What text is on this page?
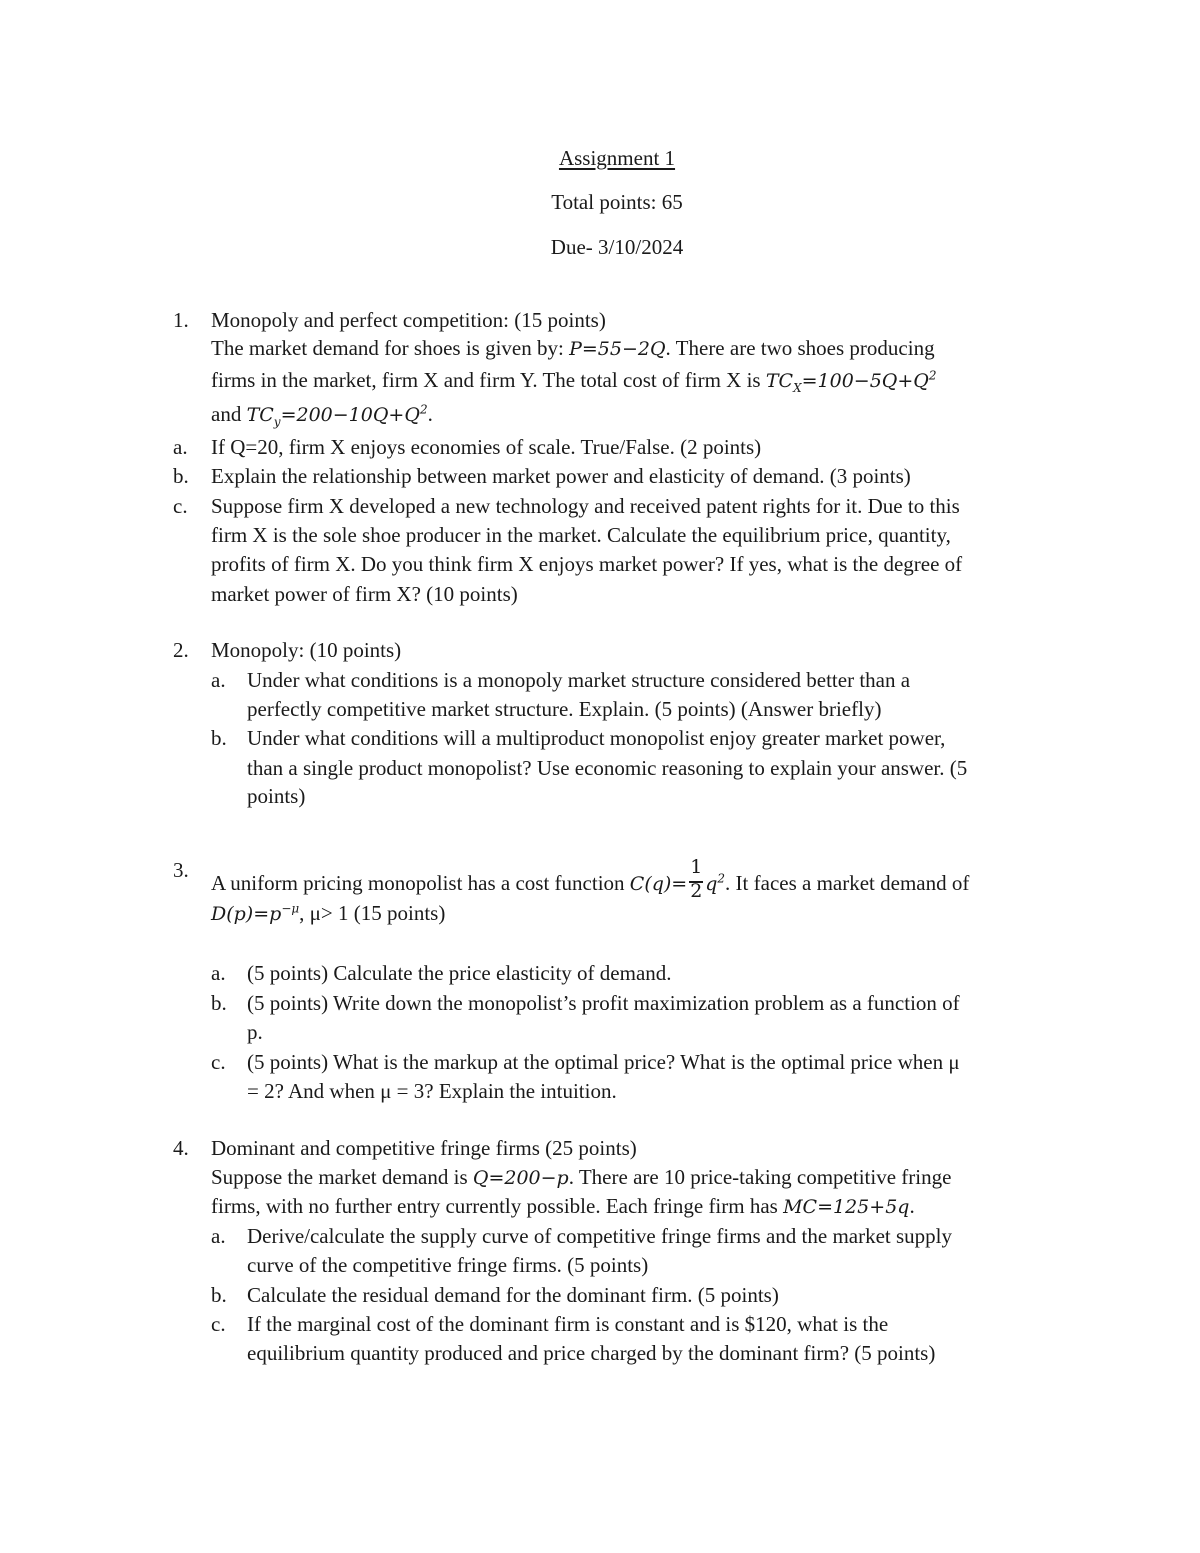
Assignment 1
Total points: 65
Due- 3/10/2024
1. Monopoly and perfect competition: (15 points)
The market demand for shoes is given by: P=55−2Q. There are two shoes producing
firms in the market, firm X and firm Y. The total cost of firm X is $TC_X=100-5Q+Q^2$
and $TC_y=200-10Q+Q^2$.
a. If Q=20, firm X enjoys economies of scale. True/False. (2 points)
b. Explain the relationship between market power and elasticity of demand. (3 points)
c. Suppose firm X developed a new technology and received patent rights for it. Due to this
firm X is the sole shoe producer in the market. Calculate the equilibrium price, quantity,
profits of firm X. Do you think firm X enjoys market power? If yes, what is the degree of
market power of firm X? (10 points)
2. Monopoly: (10 points)
a. Under what conditions is a monopoly market structure considered better than a
perfectly competitive market structure. Explain. (5 points) (Answer briefly)
b. Under what conditions will a multiproduct monopolist enjoy greater market power,
than a single product monopolist? Use economic reasoning to explain your answer. (5
points)
3.
A uniform pricing monopolist has a cost function $C(q)= \frac{1}{2} q^2$. It faces a market demand of
$D(p)=p^{-\mu}$, μ> 1 (15 points)
a. (5 points) Calculate the price elasticity of demand.
b. (5 points) Write down the monopolist’s profit maximization problem as a function of
p.
c. (5 points) What is the markup at the optimal price? What is the optimal price when μ
= 2? And when μ = 3? Explain the intuition.
4. Dominant and competitive fringe firms (25 points)
Suppose the market demand is Q=200−p. There are 10 price-taking competitive fringe
firms, with no further entry currently possible. Each fringe firm has MC=125+5q.
a. Derive/calculate the supply curve of competitive fringe firms and the market supply
curve of the competitive fringe firms. (5 points)
b. Calculate the residual demand for the dominant firm. (5 points)
c. If the marginal cost of the dominant firm is constant and is $120, what is the
equilibrium quantity produced and price charged by the dominant firm? (5 points)
